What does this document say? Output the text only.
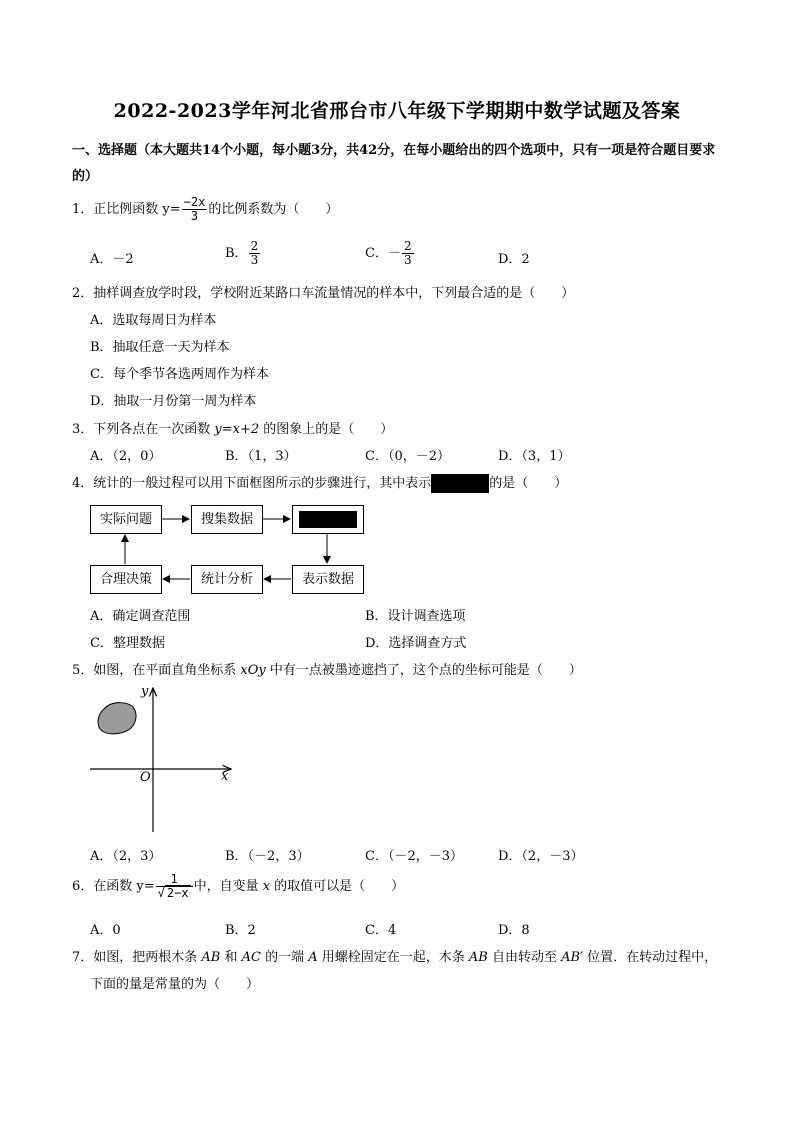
2022-2023学年河北省邢台市八年级下学期期中数学试题及答案
一、选择题（本大题共14个小题，每小题3分，共42分，在每小题给出的四个选项中，只有一项是符合题目要求的）
1．正比例函数 $y= \frac{-2x}{3}$ 的比例系数为（　　）
A．－2	B． $\frac{2}{3}$	C．－ $\frac{2}{3}$	D．2
2．抽样调查放学时段，学校附近某路口车流量情况的样本中，下列最合适的是（　　）
A．选取每周日为样本
B．抽取任意一天为样本
C．每个季节各选两周作为样本
D．抽取一月份第一周为样本
3．下列各点在一次函数 y=x+2 的图象上的是（　　）
A．（2，0）	B．（1，3）	C．（0，－2）	D．（3，1）
4．统计的一般过程可以用下面框图所示的步骤进行，其中表示	的是（　　）
实际问题	搜集数据
表示数据
统计分析
合理决策
A．确定调查范围	B．设计调查选项
C．整理数据	D．选择调查方式
5．如图，在平面直角坐标系 xOy 中有一点被墨迹遮挡了，这个点的坐标可能是（　　）
y
x
O
A．（2，3）	B．（－2，3）	C．（－2，－3）	D．（2，－3）
6．在函数 $y= \frac{1}{√ 2-x}$ 中，自变量 x 的取值可以是（　　）
A．0	B．2	C．4	D．8
7．如图，把两根木条 AB 和 AC 的一端 A 用螺栓固定在一起，木条 AB 自由转动至 AB′ 位置．在转动过程中，
下面的量是常量的为（　　）
